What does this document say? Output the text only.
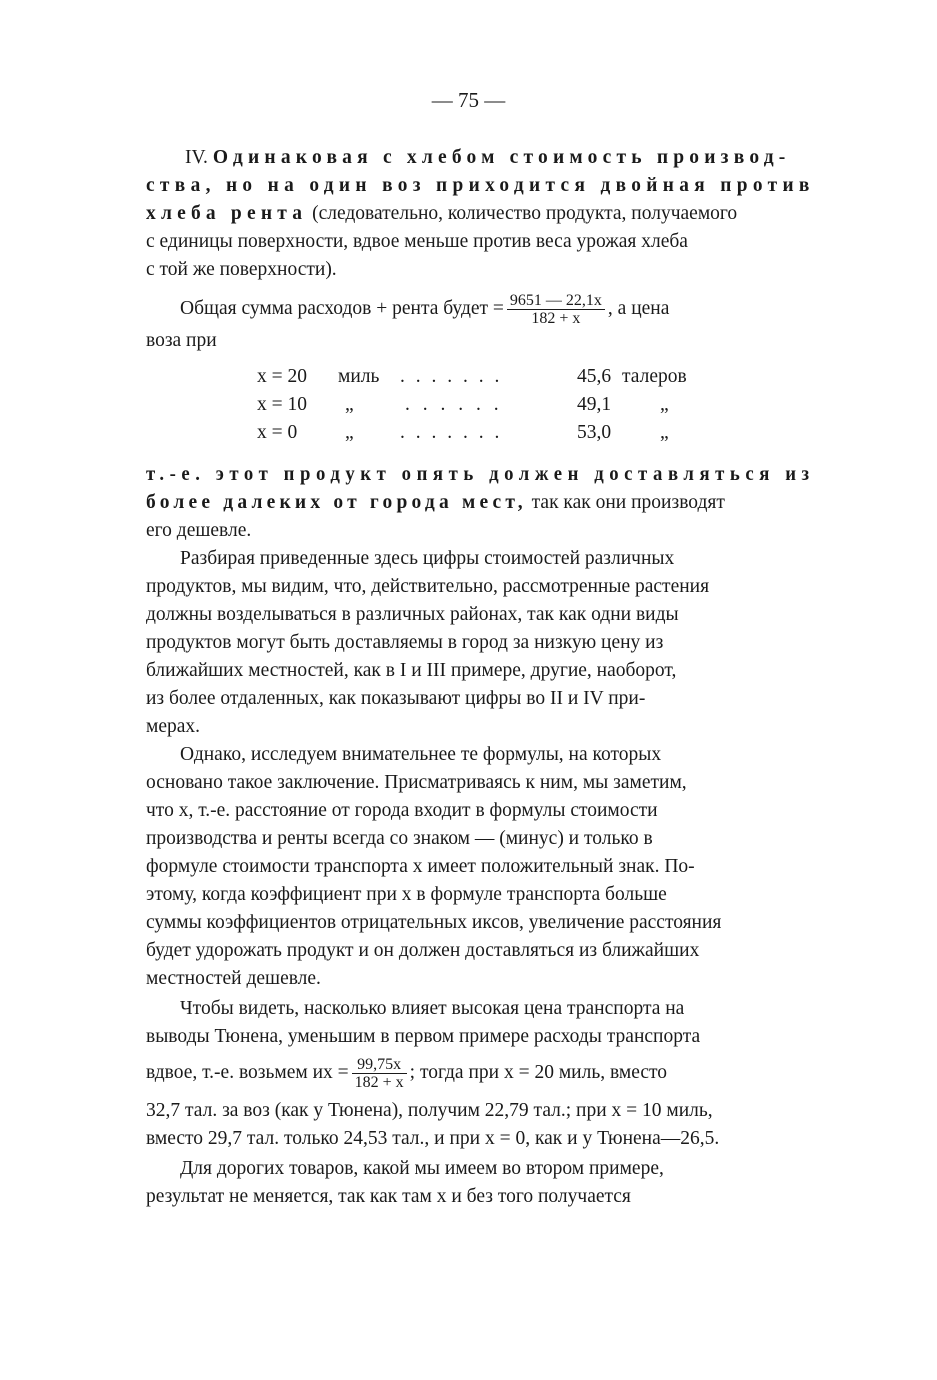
— 75 —
IV. Одинаковая с хлебом стоимость производ-
ства, но на один воз приходится двойная против
хлеба рента (следовательно, количество продукта, получаемого
с единицы поверхности, вдвое меньше против веса урожая хлеба
с той же поверхности).
Общая сумма расходов + рента будет = $\frac{9651 — 22,1x}{182 + x}$ , а цена
воза при
x = 20 миль . . . . . . .	45,6 талеров
x = 10 „	. . . . . .	49,1	„
x = 0 „ . . . . . . .	53,0	„
т.-е. этот продукт опять должен доставляться из
более далеких от города мест, так как они производят
его дешевле.
Разбирая приведенные здесь цифры стоимостей различных
продуктов, мы видим, что, действительно, рассмотренные растения
должны возделываться в различных районах, так как одни виды
продуктов могут быть доставляемы в город за низкую цену из
ближайших местностей, как в I и III примере, другие, наоборот,
из более отдаленных, как показывают цифры во II и IV при-
мерах.
Однако, исследуем внимательнее те формулы, на которых
основано такое заключение. Присматриваясь к ним, мы заметим,
что x, т.-е. расстояние от города входит в формулы стоимости
производства и ренты всегда со знаком — (минус) и только в
формуле стоимости транспорта x имеет положительный знак. По-
этому, когда коэффициент при x в формуле транспорта больше
суммы коэффициентов отрицательных иксов, увеличение расстояния
будет удорожать продукт и он должен доставляться из ближайших
местностей дешевле.
Чтобы видеть, насколько влияет высокая цена транспорта на
выводы Тюнена, уменьшим в первом примере расходы транспорта
вдвое, т.-е. возьмем их = $\frac{99,75x}{182 + x}$ ; тогда при x = 20 миль, вместо
32,7 тал. за воз (как у Тюнена), получим 22,79 тал.; при x = 10 миль,
вместо 29,7 тал. только 24,53 тал., и при x = 0, как и у Тюнена—26,5.
Для дорогих товаров, какой мы имеем во втором примере,
результат не меняется, так как там x и без того получается
